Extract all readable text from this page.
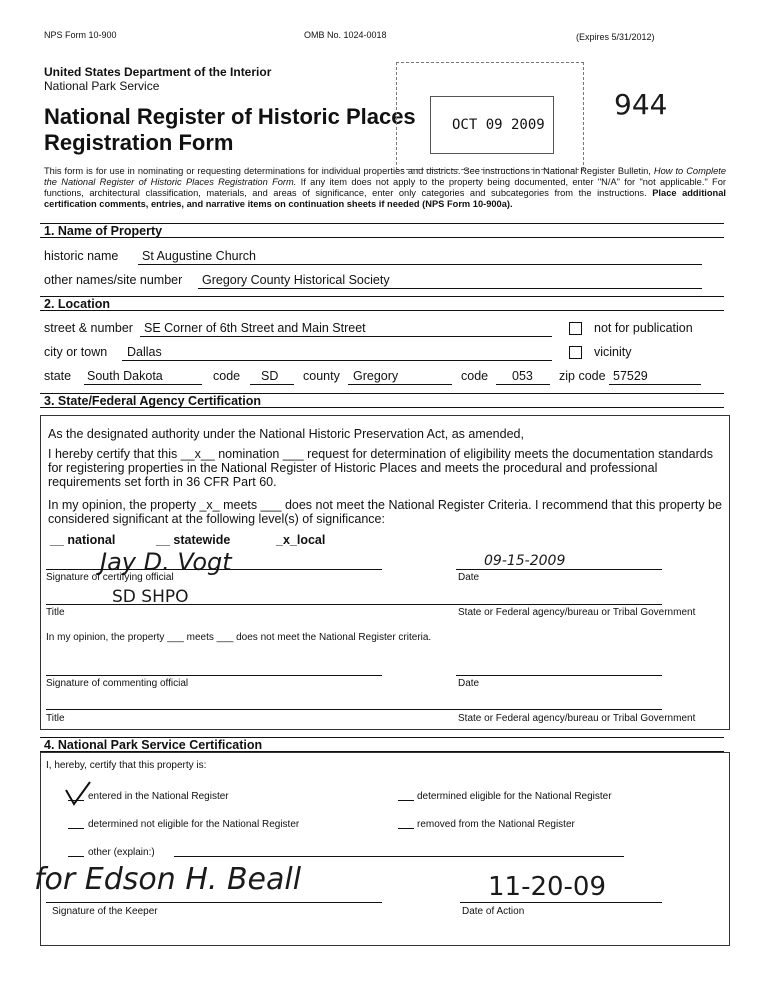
NPS Form 10-900	OMB No. 1024-0018	(Expires 5/31/2012)
United States Department of the Interior
National Park Service
National Register of Historic Places
Registration Form
OCT 09 2009
944
This form is for use in nominating or requesting determinations for individual properties and districts. See instructions in National Register Bulletin, How to Complete the National Register of Historic Places Registration Form. If any item does not apply to the property being documented, enter "N/A" for "not applicable." For functions, architectural classification, materials, and areas of significance, enter only categories and subcategories from the instructions. Place additional certification comments, entries, and narrative items on continuation sheets if needed (NPS Form 10-900a).
1. Name of Property
historic name St Augustine Church
other names/site number Gregory County Historical Society
2. Location
street & number SE Corner of 6th Street and Main Street	not for publication
city or town Dallas	vicinity
state South Dakota	code SD county Gregory	code 053 zip code 57529
3. State/Federal Agency Certification
As the designated authority under the National Historic Preservation Act, as amended,
I hereby certify that this __x__ nomination ___ request for determination of eligibility meets the documentation standards for registering properties in the National Register of Historic Places and meets the procedural and professional requirements set forth in 36 CFR Part 60.
In my opinion, the property _x_ meets ___ does not meet the National Register Criteria. I recommend that this property be considered significant at the following level(s) of significance:
__ national	__ statewide	_x_local
Jay D. Vogt
Signature of certifying official
09-15-2009
Date
SD SHPO
Title	State or Federal agency/bureau or Tribal Government
In my opinion, the property ___ meets ___ does not meet the National Register criteria.
Signature of commenting official	Date
Title	State or Federal agency/bureau or Tribal Government
4. National Park Service Certification
I, hereby, certify that this property is:
entered in the National Register	determined eligible for the National Register
determined not eligible for the National Register	removed from the National Register
other (explain:)
for Edson H. Beall
Signature of the Keeper
11-20-09
Date of Action
